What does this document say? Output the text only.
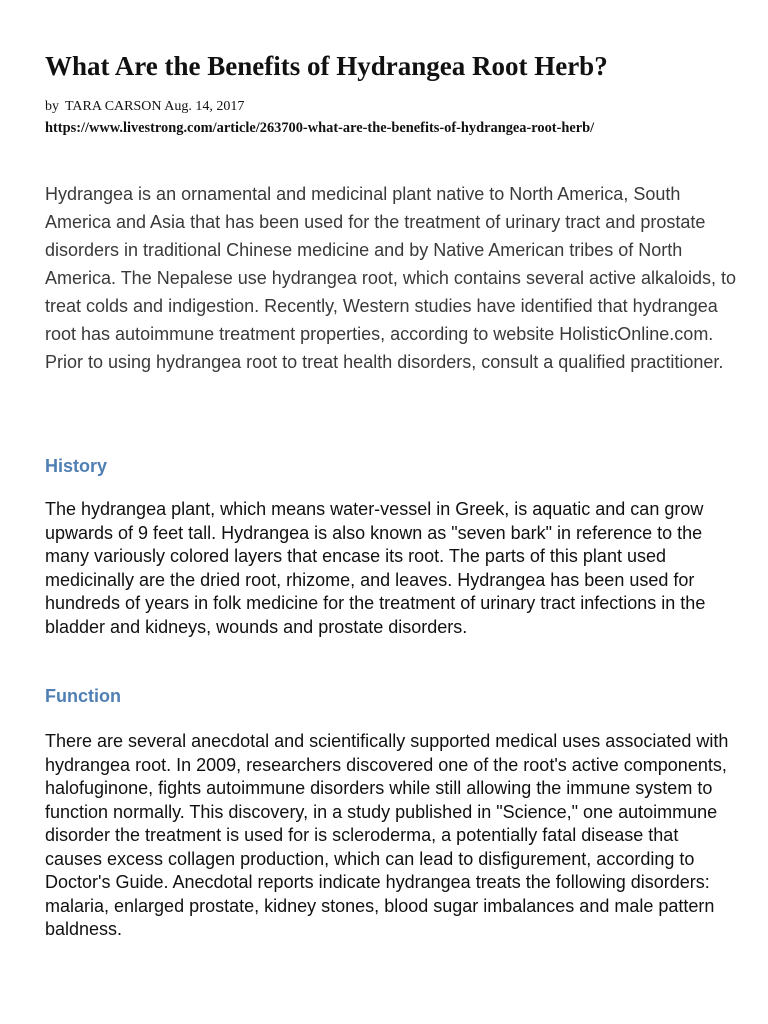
What Are the Benefits of Hydrangea Root Herb?
by TARA CARSON Aug. 14, 2017
https://www.livestrong.com/article/263700-what-are-the-benefits-of-hydrangea-root-herb/

Hydrangea is an ornamental and medicinal plant native to North America, South America and Asia that has been used for the treatment of urinary tract and prostate disorders in traditional Chinese medicine and by Native American tribes of North America. The Nepalese use hydrangea root, which contains several active alkaloids, to treat colds and indigestion. Recently, Western studies have identified that hydrangea root has autoimmune treatment properties, according to website HolisticOnline.com. Prior to using hydrangea root to treat health disorders, consult a qualified practitioner.

History

The hydrangea plant, which means water-vessel in Greek, is aquatic and can grow upwards of 9 feet tall. Hydrangea is also known as "seven bark" in reference to the many variously colored layers that encase its root. The parts of this plant used medicinally are the dried root, rhizome, and leaves. Hydrangea has been used for hundreds of years in folk medicine for the treatment of urinary tract infections in the bladder and kidneys, wounds and prostate disorders.

Function

There are several anecdotal and scientifically supported medical uses associated with hydrangea root. In 2009, researchers discovered one of the root's active components, halofuginone, fights autoimmune disorders while still allowing the immune system to function normally. This discovery, in a study published in "Science," one autoimmune disorder the treatment is used for is scleroderma, a potentially fatal disease that causes excess collagen production, which can lead to disfigurement, according to Doctor's Guide. Anecdotal reports indicate hydrangea treats the following disorders: malaria, enlarged prostate, kidney stones, blood sugar imbalances and male pattern baldness.
